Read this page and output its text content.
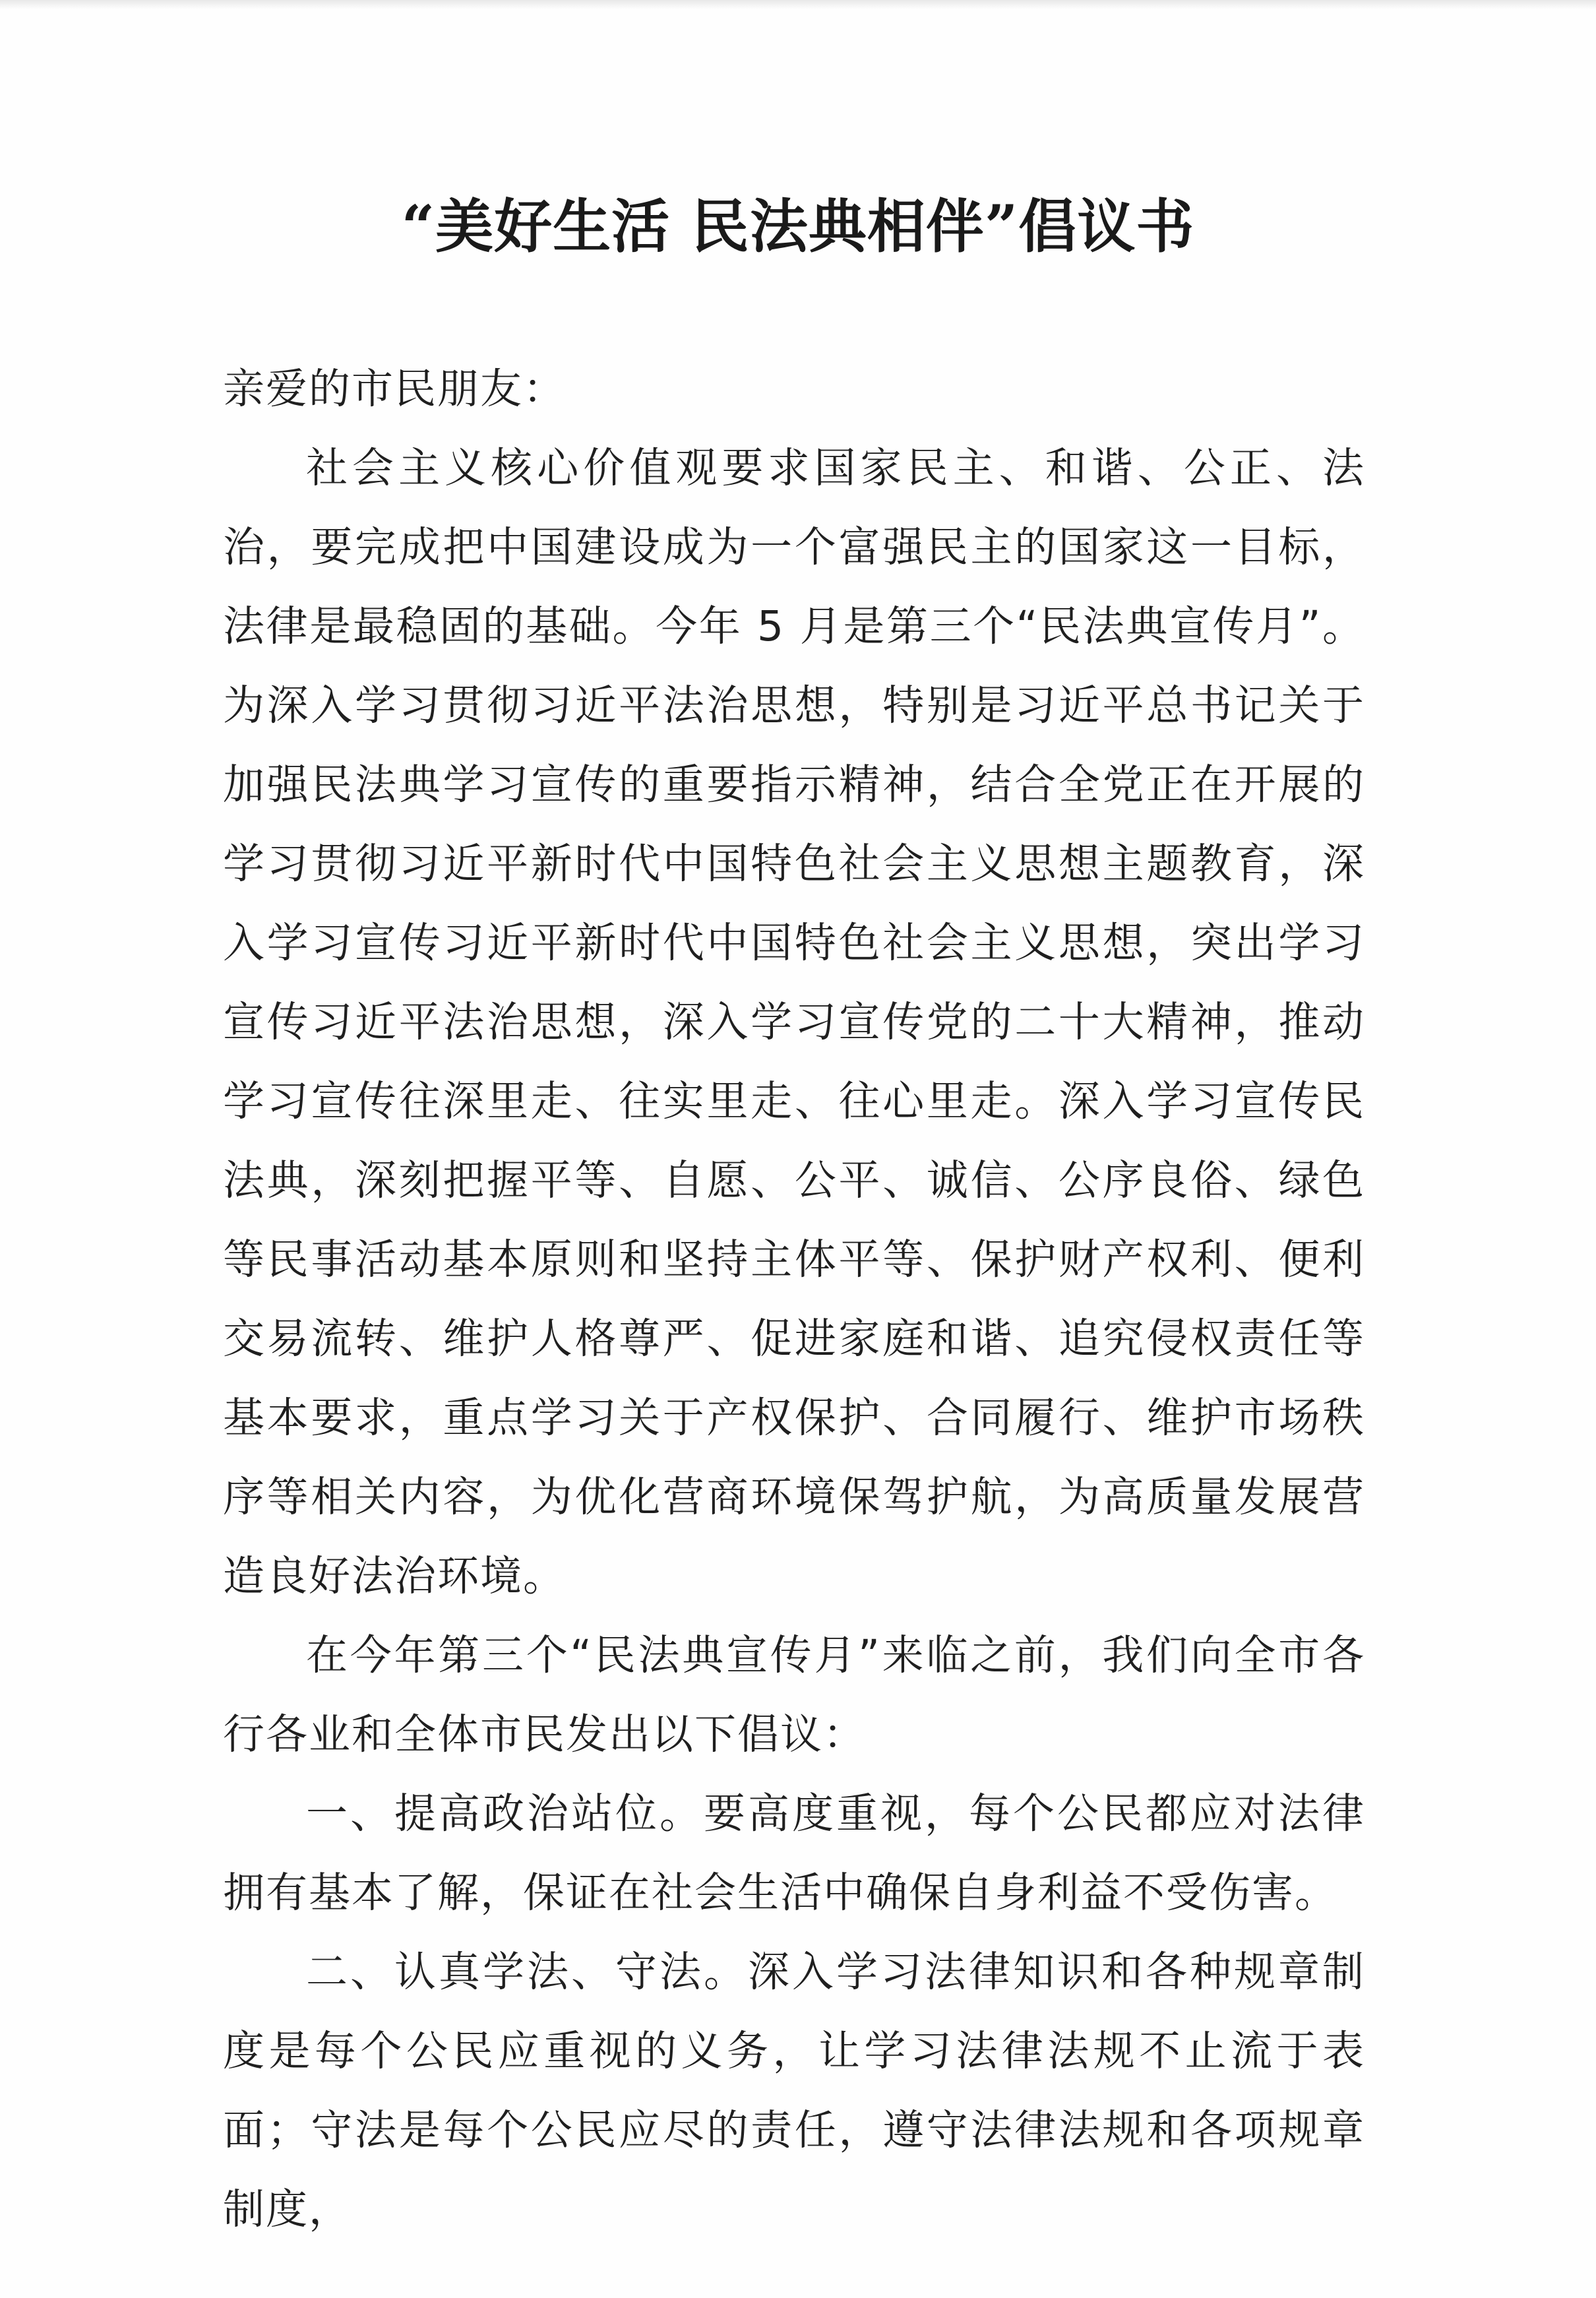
“美好生活 民法典相伴”倡议书

亲爱的市民朋友：

社会主义核心价值观要求国家民主、和谐、公正、法治，要完成把中国建设成为一个富强民主的国家这一目标，法律是最稳固的基础。今年 5 月是第三个“民法典宣传月”。为深入学习贯彻习近平法治思想，特别是习近平总书记关于加强民法典学习宣传的重要指示精神，结合全党正在开展的学习贯彻习近平新时代中国特色社会主义思想主题教育，深入学习宣传习近平新时代中国特色社会主义思想，突出学习宣传习近平法治思想，深入学习宣传党的二十大精神，推动学习宣传往深里走、往实里走、往心里走。深入学习宣传民法典，深刻把握平等、自愿、公平、诚信、公序良俗、绿色等民事活动基本原则和坚持主体平等、保护财产权利、便利交易流转、维护人格尊严、促进家庭和谐、追究侵权责任等基本要求，重点学习关于产权保护、合同履行、维护市场秩序等相关内容，为优化营商环境保驾护航，为高质量发展营造良好法治环境。

在今年第三个“民法典宣传月”来临之前，我们向全市各行各业和全体市民发出以下倡议：

一、提高政治站位。要高度重视，每个公民都应对法律拥有基本了解，保证在社会生活中确保自身利益不受伤害。

二、认真学法、守法。深入学习法律知识和各种规章制度是每个公民应重视的义务，让学习法律法规不止流于表面；守法是每个公民应尽的责任，遵守法律法规和各项规章制度，
